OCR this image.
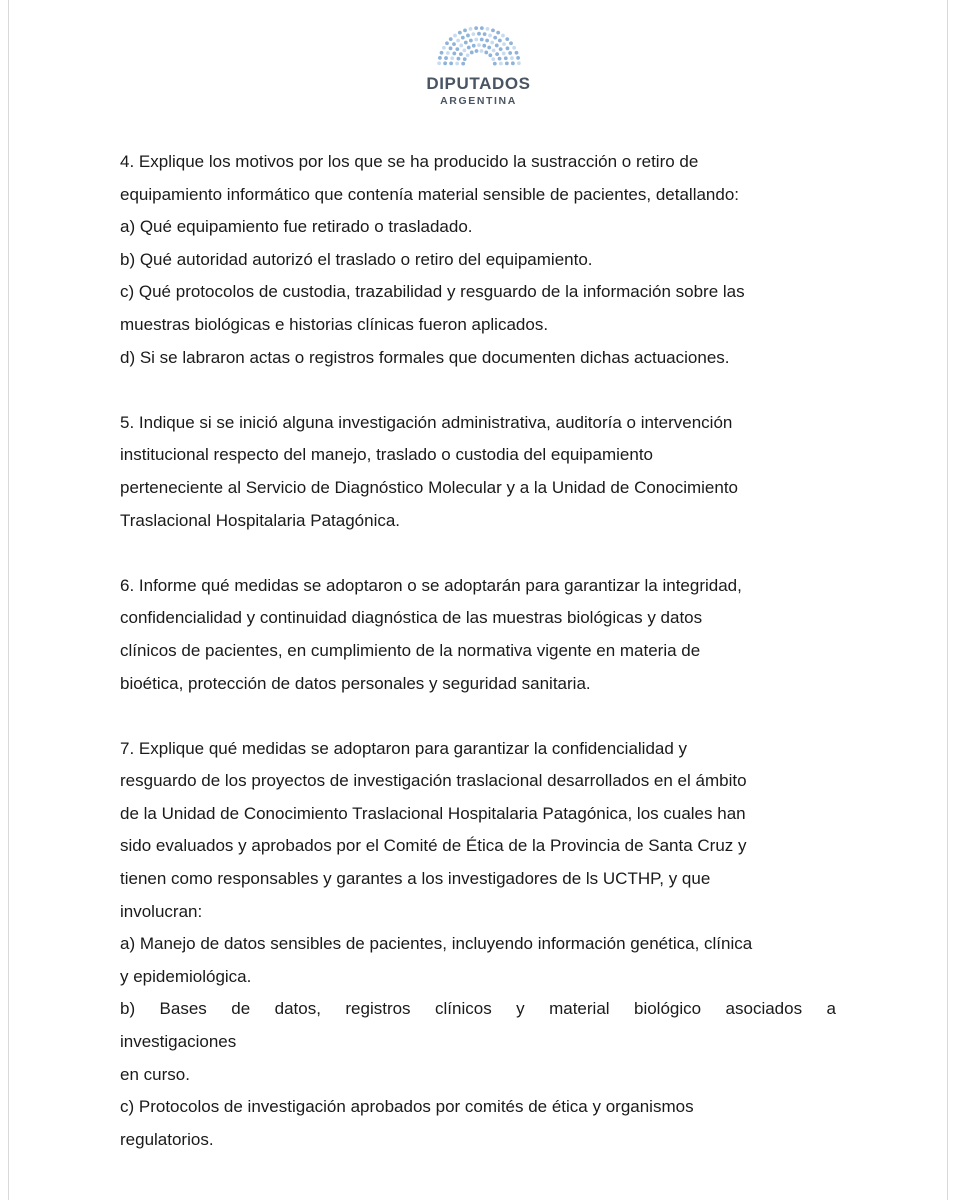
DIPUTADOS
ARGENTINA
4. Explique los motivos por los que se ha producido la sustracción o retiro de
equipamiento informático que contenía material sensible de pacientes, detallando:
a) Qué equipamiento fue retirado o trasladado.
b) Qué autoridad autorizó el traslado o retiro del equipamiento.
c) Qué protocolos de custodia, trazabilidad y resguardo de la información sobre las
muestras biológicas e historias clínicas fueron aplicados.
d) Si se labraron actas o registros formales que documenten dichas actuaciones.
5. Indique si se inició alguna investigación administrativa, auditoría o intervención
institucional respecto del manejo, traslado o custodia del equipamiento
perteneciente al Servicio de Diagnóstico Molecular y a la Unidad de Conocimiento
Traslacional Hospitalaria Patagónica.
6. Informe qué medidas se adoptaron o se adoptarán para garantizar la integridad,
confidencialidad y continuidad diagnóstica de las muestras biológicas y datos
clínicos de pacientes, en cumplimiento de la normativa vigente en materia de
bioética, protección de datos personales y seguridad sanitaria.
7. Explique qué medidas se adoptaron para garantizar la confidencialidad y
resguardo de los proyectos de investigación traslacional desarrollados en el ámbito
de la Unidad de Conocimiento Traslacional Hospitalaria Patagónica, los cuales han
sido evaluados y aprobados por el Comité de Ética de la Provincia de Santa Cruz y
tienen como responsables y garantes a los investigadores de ls UCTHP, y que
involucran:
a) Manejo de datos sensibles de pacientes, incluyendo información genética, clínica
y epidemiológica.
b) Bases de datos, registros clínicos y material biológico asociados a
investigaciones
en curso.
c) Protocolos de investigación aprobados por comités de ética y organismos
regulatorios.
